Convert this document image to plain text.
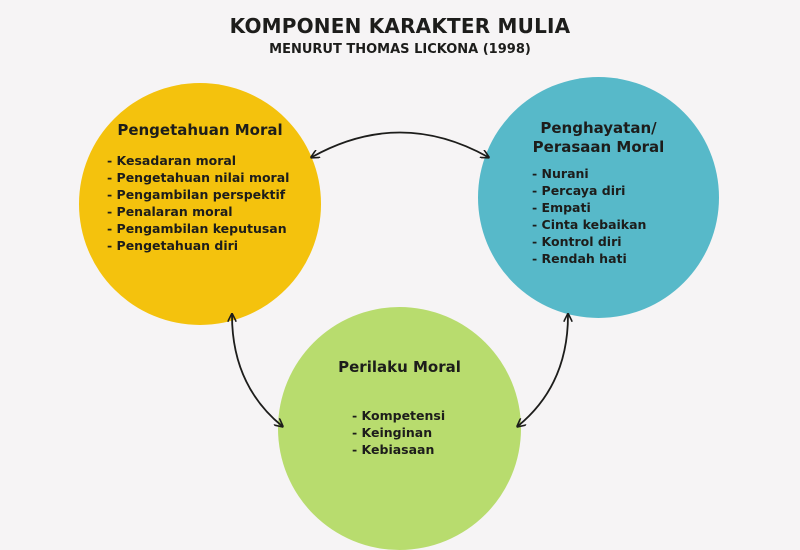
KOMPONEN KARAKTER MULIA
MENURUT THOMAS LICKONA (1998)
Pengetahuan Moral
- Kesadaran moral
- Pengetahuan nilai moral
- Pengambilan perspektif
- Penalaran moral
- Pengambilan keputusan
- Pengetahuan diri
Penghayatan/
Perasaan Moral
- Nurani
- Percaya diri
- Empati
- Cinta kebaikan
- Kontrol diri
- Rendah hati
Perilaku Moral
- Kompetensi
- Keinginan
- Kebiasaan
